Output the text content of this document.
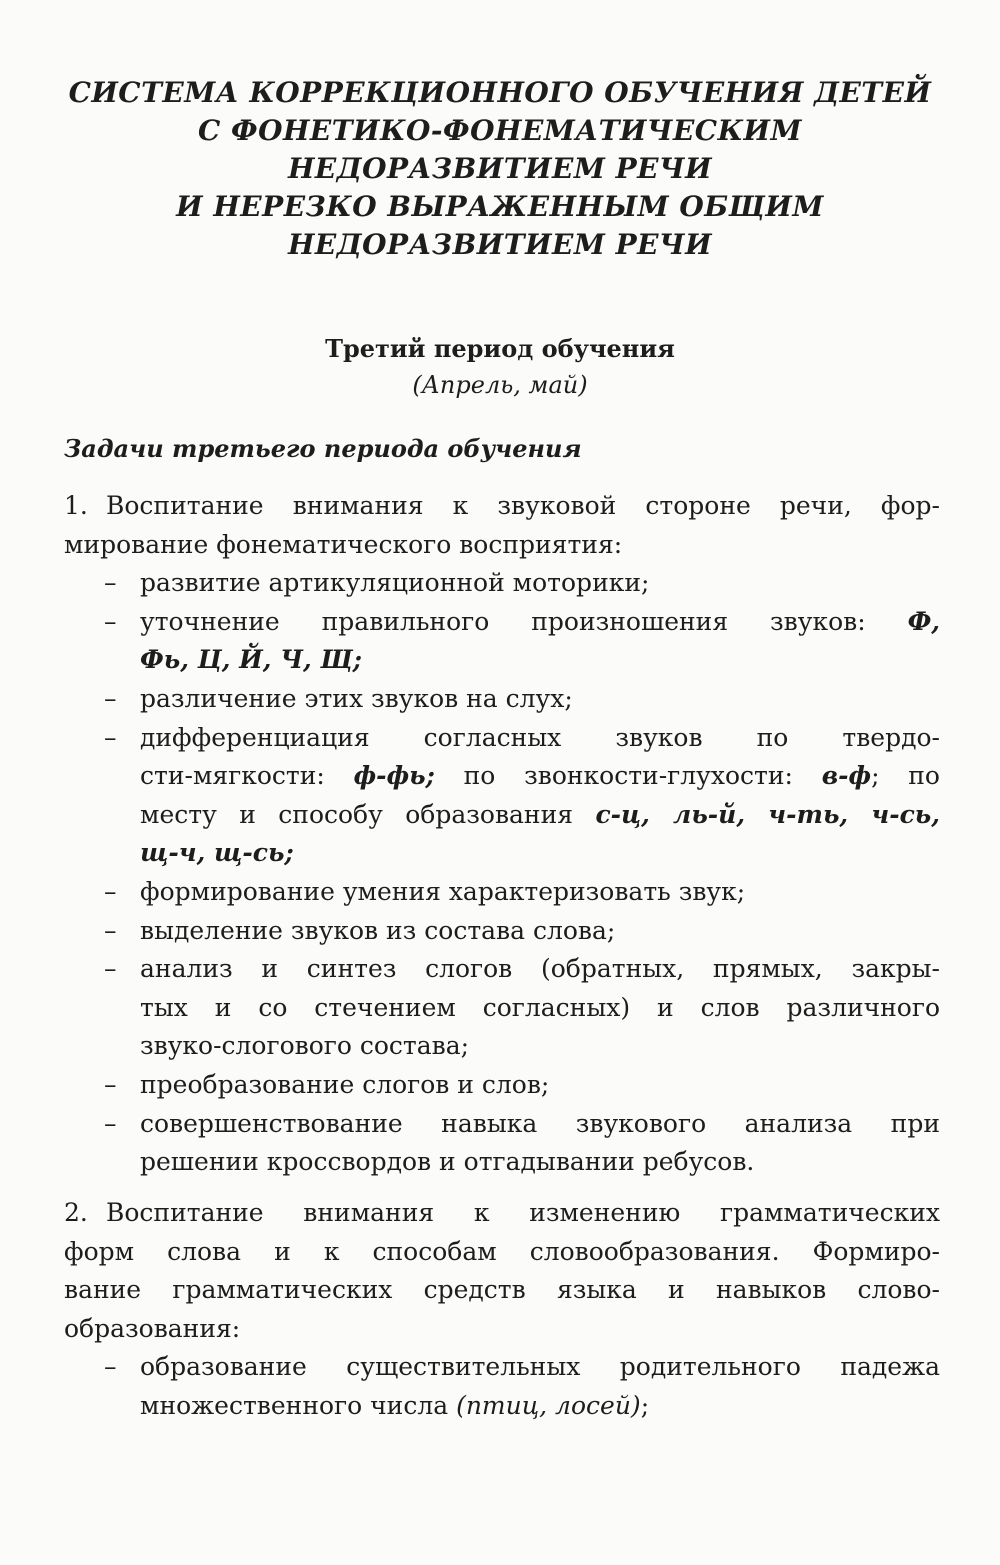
СИСТЕМА КОРРЕКЦИОННОГО ОБУЧЕНИЯ ДЕТЕЙ
С ФОНЕТИКО-ФОНЕМАТИЧЕСКИМ
НЕДОРАЗВИТИЕМ РЕЧИ
И НЕРЕЗКО ВЫРАЖЕННЫМ ОБЩИМ
НЕДОРАЗВИТИЕМ РЕЧИ
Третий период обучения
(Апрель, май)
Задачи третьего периода обучения
1. Воспитание внимания к звуковой стороне речи, фор-
мирование фонематического восприятия:
– развитие артикуляционной моторики;
– уточнение правильного произношения звуков: Ф,
Фь, Ц, Й, Ч, Щ;
– различение этих звуков на слух;
– дифференциация согласных звуков по твердо-
сти-мягкости: ф-фь; по звонкости-глухости: в-ф; по
месту и способу образования с-ц, ль-й, ч-ть, ч-сь,
щ-ч, щ-сь;
– формирование умения характеризовать звук;
– выделение звуков из состава слова;
– анализ и синтез слогов (обратных, прямых, закры-
тых и со стечением согласных) и слов различного
звуко-слогового состава;
– преобразование слогов и слов;
– совершенствование навыка звукового анализа при
решении кроссвордов и отгадывании ребусов.
2. Воспитание внимания к изменению грамматических
форм слова и к способам словообразования. Формиро-
вание грамматических средств языка и навыков слово-
образования:
– образование существительных родительного падежа
множественного числа (птиц, лосей);
